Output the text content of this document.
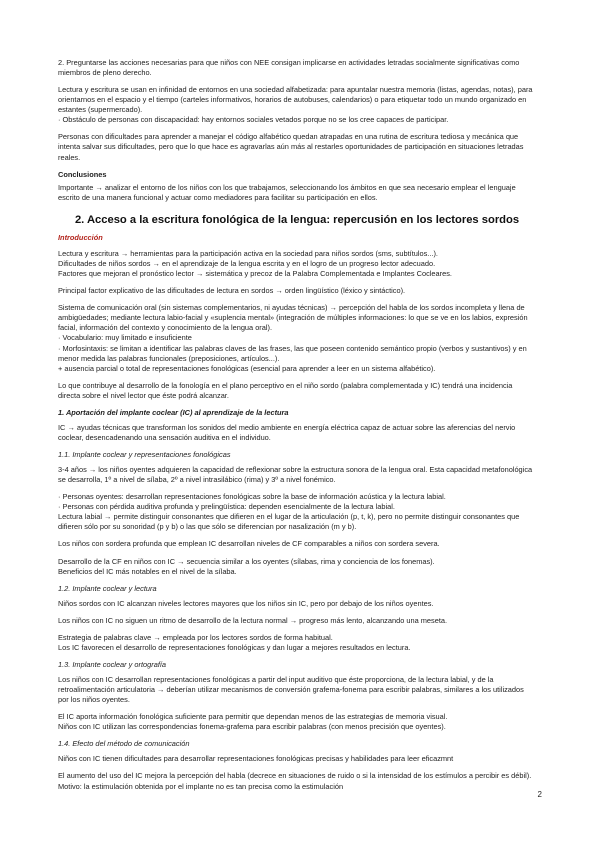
2. Preguntarse las acciones necesarias para que niños con NEE consigan implicarse en actividades letradas socialmente significativas como miembros de pleno derecho.

Lectura y escritura se usan en infinidad de entornos en una sociedad alfabetizada: para apuntalar nuestra memoria (listas, agendas, notas), para orientarnos en el espacio y el tiempo (carteles informativos, horarios de autobuses, calendarios) o para etiquetar todo un mundo organizado en estantes (supermercado).
· Obstáculo de personas con discapacidad: hay entornos sociales vetados porque no se los cree capaces de participar.

Personas con dificultades para aprender a manejar el código alfabético quedan atrapadas en una rutina de escritura tediosa y mecánica que intenta salvar sus dificultades, pero que lo que hace es agravarlas aún más al restarles oportunidades de participación en situaciones letradas reales.

Conclusiones

Importante → analizar el entorno de los niños con los que trabajamos, seleccionando los ámbitos en que sea necesario emplear el lenguaje escrito de una manera funcional y actuar como mediadores para facilitar su participación en ellos.

2. Acceso a la escritura fonológica de la lengua: repercusión en los lectores sordos
Introducción

Lectura y escritura → herramientas para la participación activa en la sociedad para niños sordos (sms, subtítulos...).
Dificultades de niños sordos → en el aprendizaje de la lengua escrita y en el logro de un progreso lector adecuado.
Factores que mejoran el pronóstico lector → sistemática y precoz de la Palabra Complementada e Implantes Cocleares.

Principal factor explicativo de las dificultades de lectura en sordos → orden lingüístico (léxico y sintáctico).

Sistema de comunicación oral (sin sistemas complementarios, ni ayudas técnicas) → percepción del habla de los sordos incompleta y llena de ambigüedades; mediante lectura labio-facial y «suplencia mental» (integración de múltiples informaciones: lo que se ve en los labios, expresión facial, información del contexto y conocimiento de la lengua oral).
· Vocabulario: muy limitado e insuficiente
· Morfosintaxis: se limitan a identificar las palabras claves de las frases, las que poseen contenido semántico propio (verbos y sustantivos) y en menor medida las palabras funcionales (preposiciones, artículos...).
+ ausencia parcial o total de representaciones fonológicas (esencial para aprender a leer en un sistema alfabético).

Lo que contribuye al desarrollo de la fonología en el plano perceptivo en el niño sordo (palabra complementada y IC) tendrá una incidencia directa sobre el nivel lector que éste podrá alcanzar.

1. Aportación del implante coclear (IC) al aprendizaje de la lectura

IC → ayudas técnicas que transforman los sonidos del medio ambiente en energía eléctrica capaz de actuar sobre las aferencias del nervio coclear, desencadenando una sensación auditiva en el individuo.

1.1. Implante coclear y representaciones fonológicas

3-4 años → los niños oyentes adquieren la capacidad de reflexionar sobre la estructura sonora de la lengua oral. Esta capacidad metafonológica se desarrolla, 1º a nivel de sílaba, 2º a nivel intrasilábico (rima) y 3º a nivel fonémico.

· Personas oyentes: desarrollan representaciones fonológicas sobre la base de información acústica y la lectura labial.
· Personas con pérdida auditiva profunda y prelingüística: dependen esencialmente de la lectura labial.
Lectura labial → permite distinguir consonantes que difieren en el lugar de la articulación (p, t, k), pero no permite distinguir consonantes que difieren sólo por su sonoridad (p y b) o las que sólo se diferencian por nasalización (m y b).

Los niños con sordera profunda que emplean IC desarrollan niveles de CF comparables a niños con sordera severa.

Desarrollo de la CF en niños con IC → secuencia similar a los oyentes (sílabas, rima y conciencia de los fonemas).
Beneficios del IC más notables en el nivel de la sílaba.

1.2. Implante coclear y lectura

Niños sordos con IC alcanzan niveles lectores mayores que los niños sin IC, pero por debajo de los niños oyentes.

Los niños con IC no siguen un ritmo de desarrollo de la lectura normal → progreso más lento, alcanzando una meseta.

Estrategia de palabras clave → empleada por los lectores sordos de forma habitual.
Los IC favorecen el desarrollo de representaciones fonológicas y dan lugar a mejores resultados en lectura.

1.3. Implante coclear y ortografía

Los niños con IC desarrollan representaciones fonológicas a partir del input auditivo que éste proporciona, de la lectura labial, y de la retroalimentación articulatoria → deberían utilizar mecanismos de conversión grafema-fonema para escribir palabras, similares a los utilizados por los niños oyentes.

El IC aporta información fonológica suficiente para permitir que dependan menos de las estrategias de memoria visual.
Niños con IC utilizan las correspondencias fonema-grafema para escribir palabras (con menos precisión que oyentes).

1.4. Efecto del método de comunicación

Niños con IC tienen dificultades para desarrollar representaciones fonológicas precisas y habilidades para leer eficazmnt

El aumento del uso del IC mejora la percepción del habla (decrece en situaciones de ruido o si la intensidad de los estímulos a percibir es débil). Motivo: la estimulación obtenida por el implante no es tan precisa como la estimulación

2
